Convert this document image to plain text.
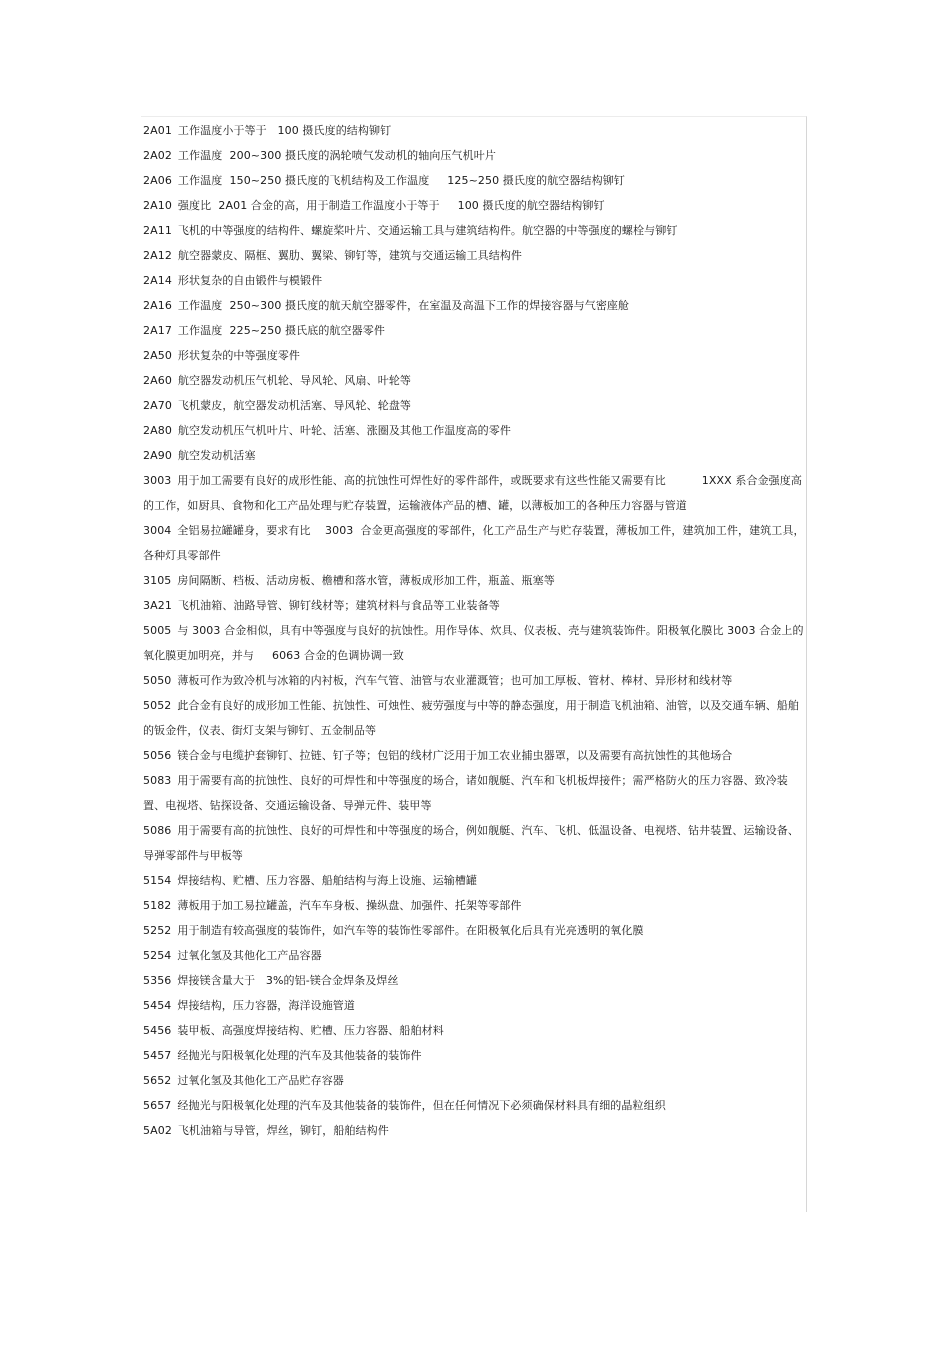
2A01 工作温度小于等于   100 摄氏度的结构铆钉
2A02 工作温度  200~300 摄氏度的涡轮喷气发动机的轴向压气机叶片
2A06 工作温度  150~250 摄氏度的飞机结构及工作温度     125~250 摄氏度的航空器结构铆钉
2A10 强度比  2A01 合金的高，用于制造工作温度小于等于     100 摄氏度的航空器结构铆钉
2A11 飞机的中等强度的结构件、螺旋桨叶片、交通运输工具与建筑结构件。航空器的中等强度的螺栓与铆钉
2A12 航空器蒙皮、隔框、翼肋、翼梁、铆钉等，建筑与交通运输工具结构件
2A14 形状复杂的自由锻件与模锻件
2A16 工作温度  250~300 摄氏度的航天航空器零件，在室温及高温下工作的焊接容器与气密座舱
2A17 工作温度  225~250 摄氏底的航空器零件
2A50 形状复杂的中等强度零件
2A60 航空器发动机压气机轮、导风轮、风扇、叶轮等
2A70 飞机蒙皮，航空器发动机活塞、导风轮、轮盘等
2A80 航空发动机压气机叶片、叶轮、活塞、涨圈及其他工作温度高的零件
2A90 航空发动机活塞
3003 用于加工需要有良好的成形性能、高的抗蚀性可焊性好的零件部件，或既要求有这些性能又需要有比          1XXX 系合金强度高的工作，如厨具、食物和化工产品处理与贮存装置，运输液体产品的槽、罐，以薄板加工的各种压力容器与管道
3004 全铝易拉罐罐身，要求有比    3003  合金更高强度的零部件，化工产品生产与贮存装置，薄板加工件，建筑加工件，建筑工具，各种灯具零部件
3105 房间隔断、档板、活动房板、檐槽和落水管，薄板成形加工件，瓶盖、瓶塞等
3A21 飞机油箱、油路导管、铆钉线材等；建筑材料与食品等工业装备等
5005 与 3003 合金相似，具有中等强度与良好的抗蚀性。用作导体、炊具、仪表板、壳与建筑装饰件。阳极氧化膜比 3003 合金上的氧化膜更加明亮，并与     6063 合金的色调协调一致
5050 薄板可作为致冷机与冰箱的内衬板，汽车气管、油管与农业灌溉管；也可加工厚板、管材、棒材、异形材和线材等
5052 此合金有良好的成形加工性能、抗蚀性、可烛性、疲劳强度与中等的静态强度，用于制造飞机油箱、油管，以及交通车辆、船舶的钣金件，仪表、街灯支架与铆钉、五金制品等
5056 镁合金与电缆护套铆钉、拉链、钉子等；包铝的线材广泛用于加工农业捕虫器罩，以及需要有高抗蚀性的其他场合
5083 用于需要有高的抗蚀性、良好的可焊性和中等强度的场合，诸如舰艇、汽车和飞机板焊接件；需严格防火的压力容器、致冷装置、电视塔、钻探设备、交通运输设备、导弹元件、装甲等
5086 用于需要有高的抗蚀性、良好的可焊性和中等强度的场合，例如舰艇、汽车、飞机、低温设备、电视塔、钻井装置、运输设备、导弹零部件与甲板等
5154 焊接结构、贮槽、压力容器、船舶结构与海上设施、运输槽罐
5182 薄板用于加工易拉罐盖，汽车车身板、操纵盘、加强件、托架等零部件
5252 用于制造有较高强度的装饰件，如汽车等的装饰性零部件。在阳极氧化后具有光亮透明的氧化膜
5254 过氧化氢及其他化工产品容器
5356 焊接镁含量大于   3%的铝-镁合金焊条及焊丝
5454 焊接结构，压力容器，海洋设施管道
5456 装甲板、高强度焊接结构、贮槽、压力容器、船舶材料
5457 经抛光与阳极氧化处理的汽车及其他装备的装饰件
5652 过氧化氢及其他化工产品贮存容器
5657 经抛光与阳极氧化处理的汽车及其他装备的装饰件，但在任何情况下必须确保材料具有细的晶粒组织
5A02 飞机油箱与导管，焊丝，铆钉，船舶结构件
